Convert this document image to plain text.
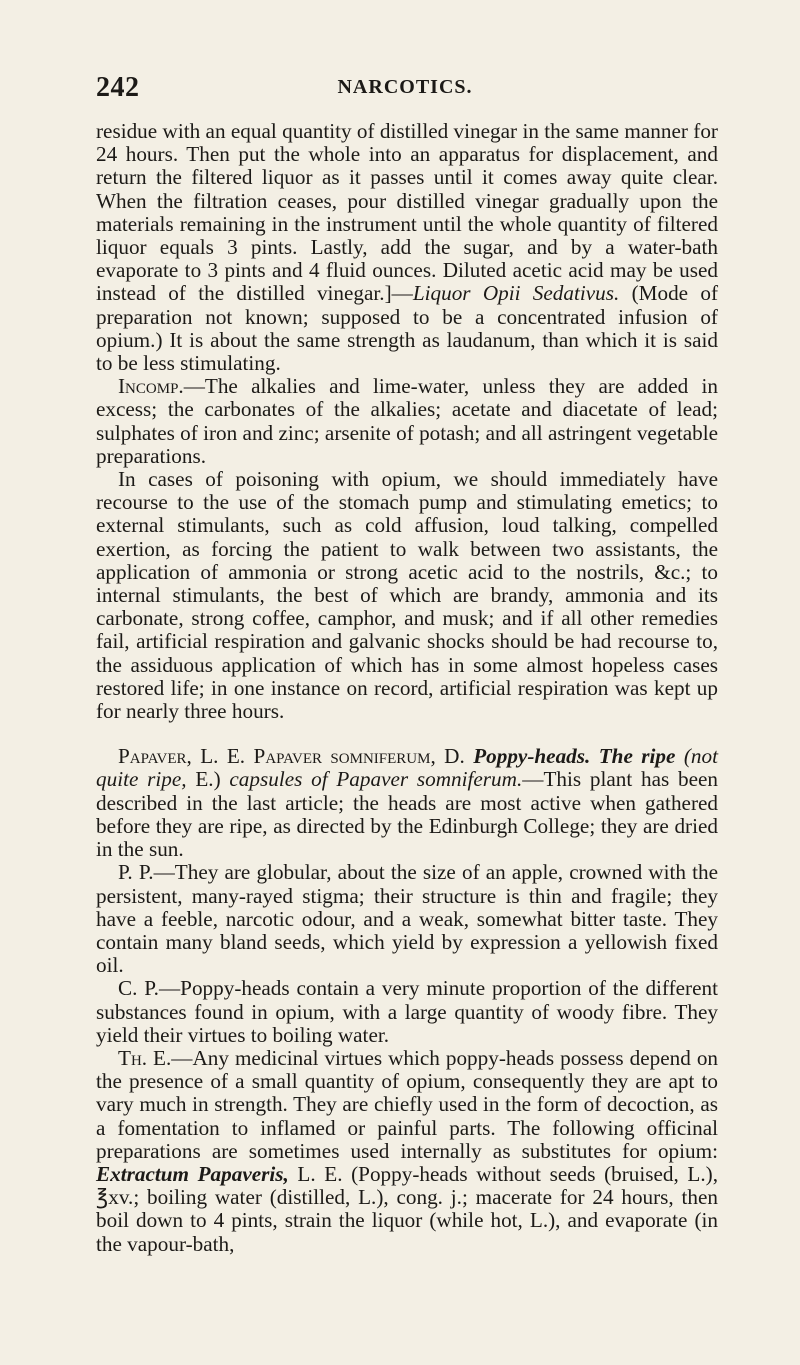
242	NARCOTICS.

residue with an equal quantity of distilled vinegar in the same manner for 24 hours. Then put the whole into an apparatus for displacement, and return the filtered liquor as it passes until it comes away quite clear. When the filtration ceases, pour distilled vinegar gradually upon the materials remaining in the instrument until the whole quantity of filtered liquor equals 3 pints. Lastly, add the sugar, and by a water-bath evaporate to 3 pints and 4 fluid ounces. Diluted acetic acid may be used instead of the distilled vinegar.]—Liquor Opii Sedativus. (Mode of preparation not known; supposed to be a concentrated infusion of opium.) It is about the same strength as laudanum, than which it is said to be less stimulating.

Incomp.—The alkalies and lime-water, unless they are added in excess; the carbonates of the alkalies; acetate and diacetate of lead; sulphates of iron and zinc; arsenite of potash; and all astringent vegetable preparations.

In cases of poisoning with opium, we should immediately have recourse to the use of the stomach pump and stimulating emetics; to external stimulants, such as cold affusion, loud talking, compelled exertion, as forcing the patient to walk between two assistants, the application of ammonia or strong acetic acid to the nostrils, &c.; to internal stimulants, the best of which are brandy, ammonia and its carbonate, strong coffee, camphor, and musk; and if all other remedies fail, artificial respiration and galvanic shocks should be had recourse to, the assiduous application of which has in some almost hopeless cases restored life; in one instance on record, artificial respiration was kept up for nearly three hours.

Papaver, L. E. Papaver somniferum, D. Poppy-heads. The ripe (not quite ripe, E.) capsules of Papaver somniferum.—This plant has been described in the last article; the heads are most active when gathered before they are ripe, as directed by the Edinburgh College; they are dried in the sun.

P. P.—They are globular, about the size of an apple, crowned with the persistent, many-rayed stigma; their structure is thin and fragile; they have a feeble, narcotic odour, and a weak, somewhat bitter taste. They contain many bland seeds, which yield by expression a yellowish fixed oil.

C. P.—Poppy-heads contain a very minute proportion of the different substances found in opium, with a large quantity of woody fibre. They yield their virtues to boiling water.

Th. E.—Any medicinal virtues which poppy-heads possess depend on the presence of a small quantity of opium, consequently they are apt to vary much in strength. They are chiefly used in the form of decoction, as a fomentation to inflamed or painful parts. The following officinal preparations are sometimes used internally as substitutes for opium: Extractum Papaveris, L. E. (Poppy-heads without seeds (bruised, L.), ℥xv.; boiling water (distilled, L.), cong. j.; macerate for 24 hours, then boil down to 4 pints, strain the liquor (while hot, L.), and evaporate (in the vapour-bath,
